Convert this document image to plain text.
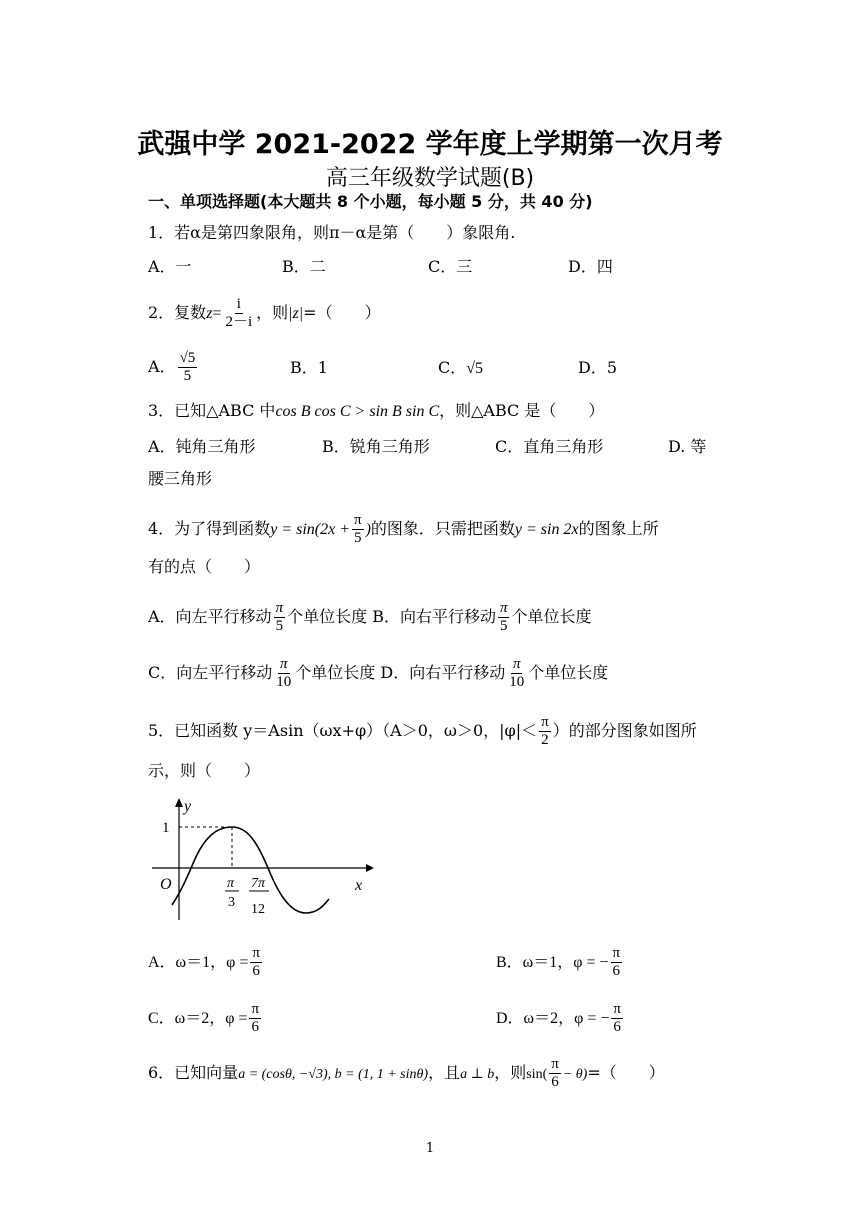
武强中学 2021-2022 学年度上学期第一次月考
高三年级数学试题(B)
一、单项选择题(本大题共 8 个小题，每小题 5 分，共 40 分)
1．若α是第四象限角，则π－α是第（　　）象限角.
A．一	B．二	C．三	D．四
2．复数$z= \frac{i}{2-i}$ ，则|z|=（　　）
A． $\frac{√5}{5}$	B．1	C．√5	D．5
3．已知△ABC 中cos B cos C > sin B sin C，则△ABC 是（　　）
A．钝角三角形	B．锐角三角形	C．直角三角形	D. 等
腰三角形
4．为了得到函数$y = \sin(2x + \frac{\pi}{5}$ )的图象．只需把函数y = sin 2x的图象上所
有的点（　　）
A．向左平行移动 $\frac{\pi}{5}$ 个单位长度 B．向右平行移动 $\frac{\pi}{5}$ 个单位长度
C．向左平行移动 $\frac{\pi}{10}$ 个单位长度 D．向右平行移动 $\frac{\pi}{10}$ 个单位长度
5．已知函数 y＝Asin（ωx+φ）（A＞0，ω＞0，$|\varphi|< \frac{\pi}{2}$ ）的部分图象如图所
示，则（　　）
y
x
O
1
π
3
7π
12
A．ω＝1，$\varphi = \frac{\pi}{6}$	B．ω＝1，φ = − $\frac{\pi}{6}$
C．ω＝2，$\varphi = \frac{\pi}{6}$	D．ω＝2，φ = − $\frac{\pi}{6}$
6．已知向量a = (cosθ, −√3), b = (1, 1 + sinθ)，且a ⊥ b，则$\sin( \frac{\pi}{6} - \theta)=$（　　）
1
